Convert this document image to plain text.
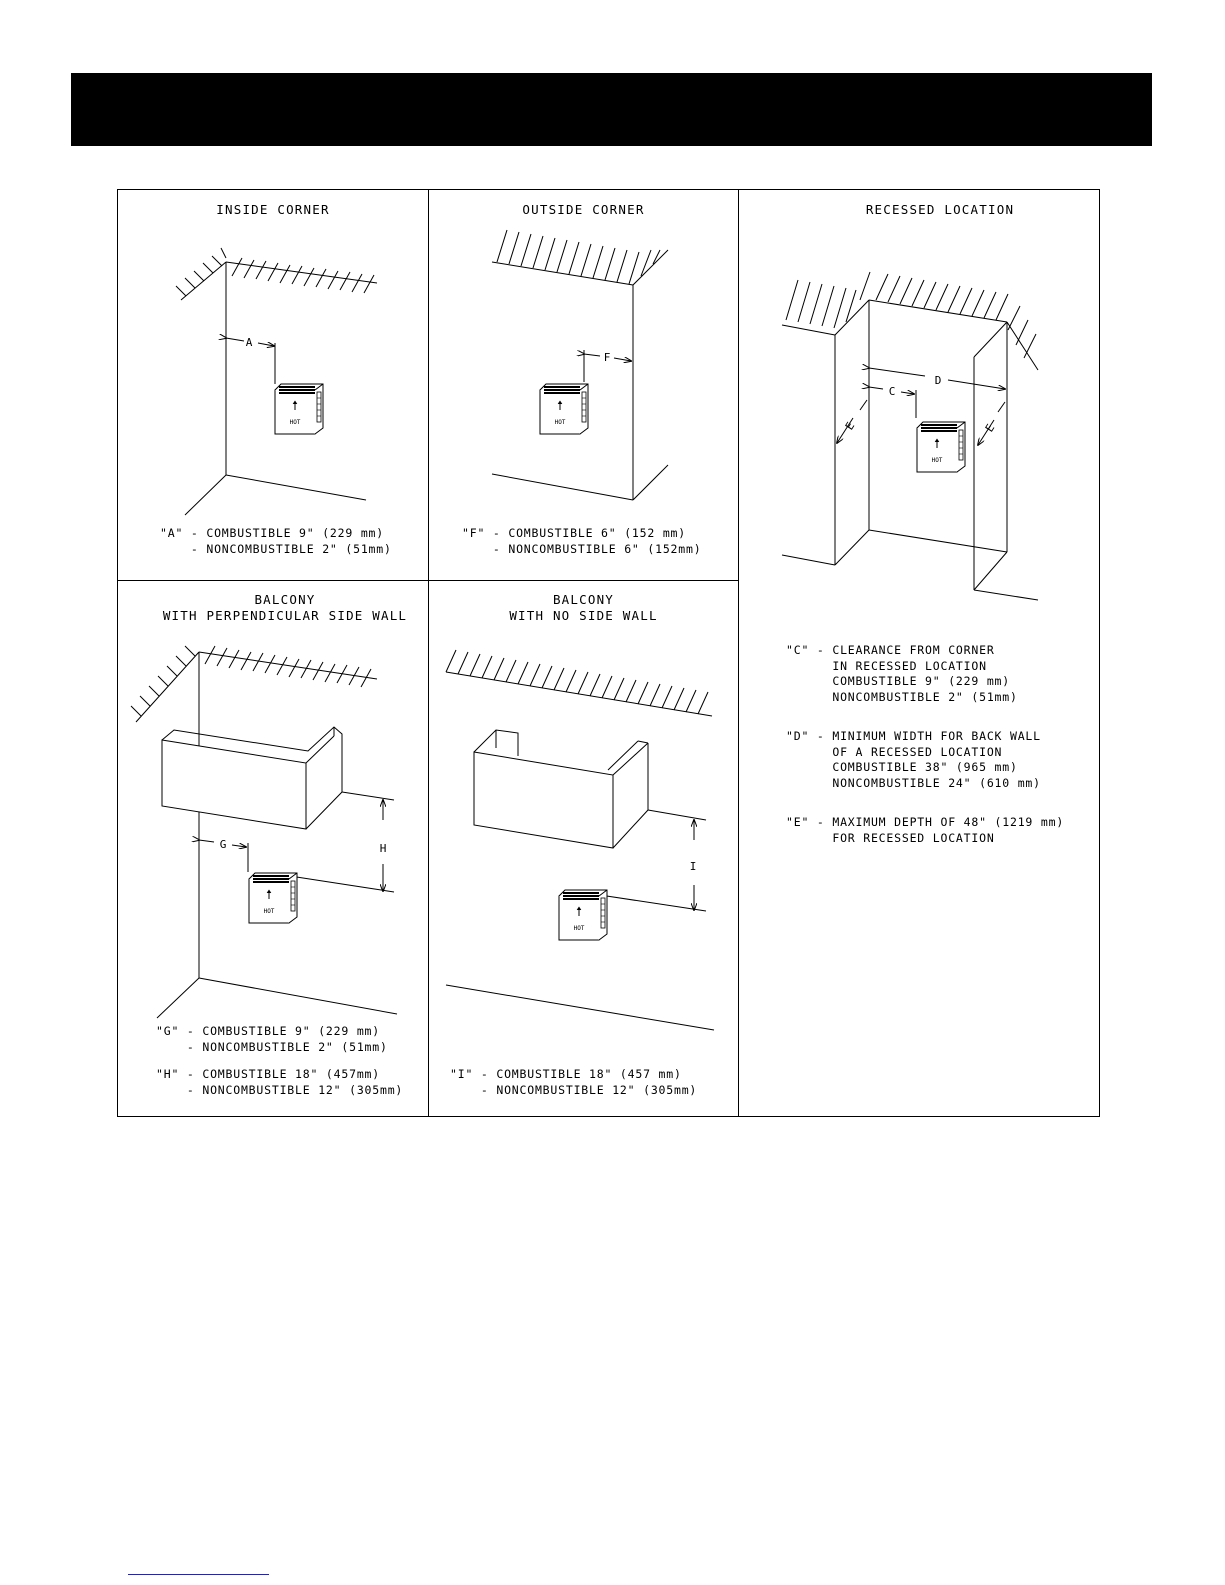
INSIDE CORNER	OUTSIDE CORNER	RECESSED LOCATION
BALCONY
WITH PERPENDICULAR SIDE WALL
BALCONY
WITH NO SIDE WALL
"A" - COMBUSTIBLE 9" (229 mm)
- NONCOMBUSTIBLE 2" (51mm)
"F" - COMBUSTIBLE 6" (152 mm)
- NONCOMBUSTIBLE 6" (152mm)
"C" - CLEARANCE FROM CORNER
IN RECESSED LOCATION
COMBUSTIBLE 9" (229 mm)
NONCOMBUSTIBLE 2" (51mm)
"D" - MINIMUM WIDTH FOR BACK WALL
OF A RECESSED LOCATION
COMBUSTIBLE 38" (965 mm)
NONCOMBUSTIBLE 24" (610 mm)
"E" - MAXIMUM DEPTH OF 48" (1219 mm)
FOR RECESSED LOCATION
"G" - COMBUSTIBLE 9" (229 mm)
- NONCOMBUSTIBLE 2" (51mm)
"H" - COMBUSTIBLE 18" (457mm)
- NONCOMBUSTIBLE 12" (305mm)
"I" - COMBUSTIBLE 18" (457 mm)
- NONCOMBUSTIBLE 12" (305mm)
A
HOT
F
HOT
D
C
E	E
HOT
G	H
HOT
I
HOT
